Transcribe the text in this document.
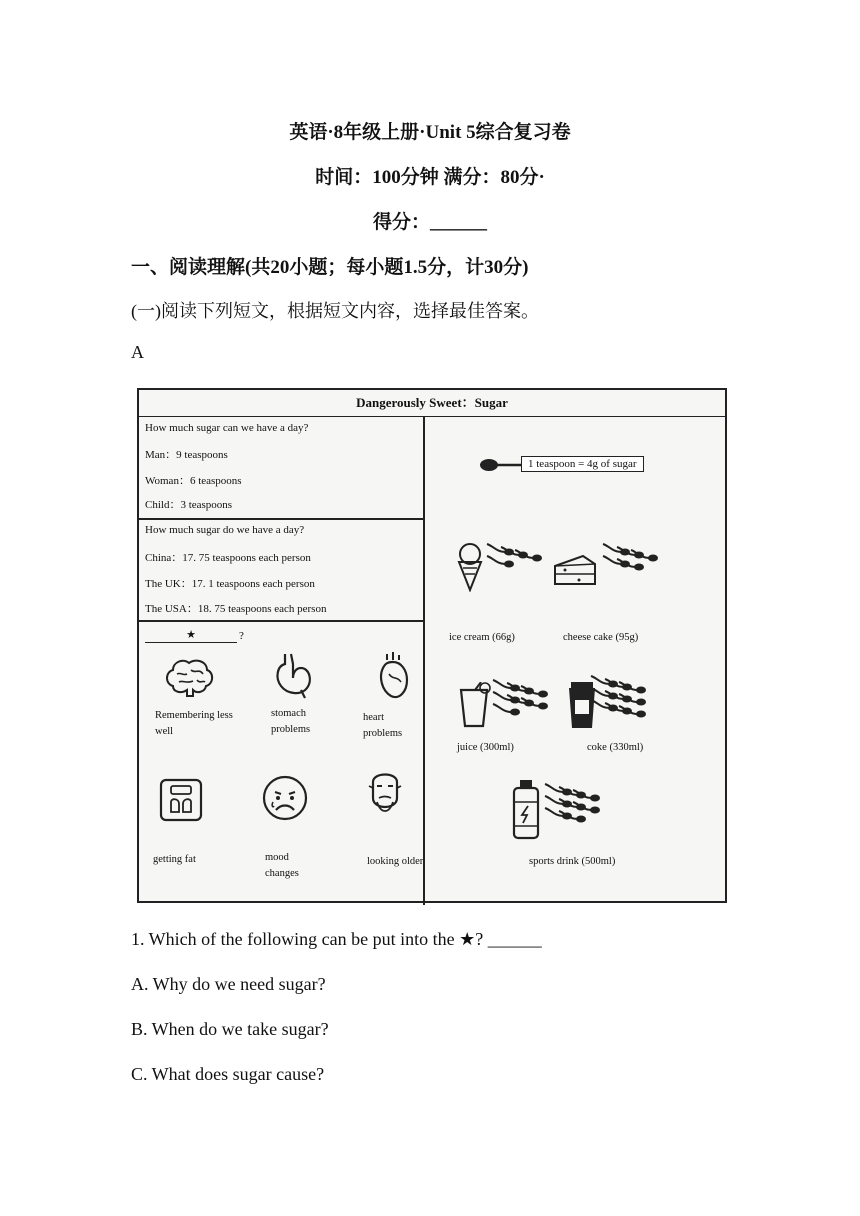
英语·8年级上册·Unit 5综合复习卷
时间：100分钟 满分：80分·
得分：______
一、阅读理解(共20小题；每小题1.5分，计30分)
(一)阅读下列短文，根据短文内容，选择最佳答案。
A
Dangerously Sweet：Sugar
How much sugar can we have a day?
Man：9 teaspoons
Woman：6 teaspoons
Child：3 teaspoons
How much sugar do we have a day?
China：17. 75 teaspoons each person
The UK：17. 1 teaspoons each person
The USA：18. 75 teaspoons each person
★	?
Remembering less well
stomach problems
heart problems
getting fat	mood changes
looking older
1 teaspoon = 4g of sugar
ice cream (66g)	cheese cake (95g)
juice (300ml)	coke (330ml)
sports drink (500ml)
1. Which of the following can be put into the ★? ______
A. Why do we need sugar?
B. When do we take sugar?
C. What does sugar cause?
